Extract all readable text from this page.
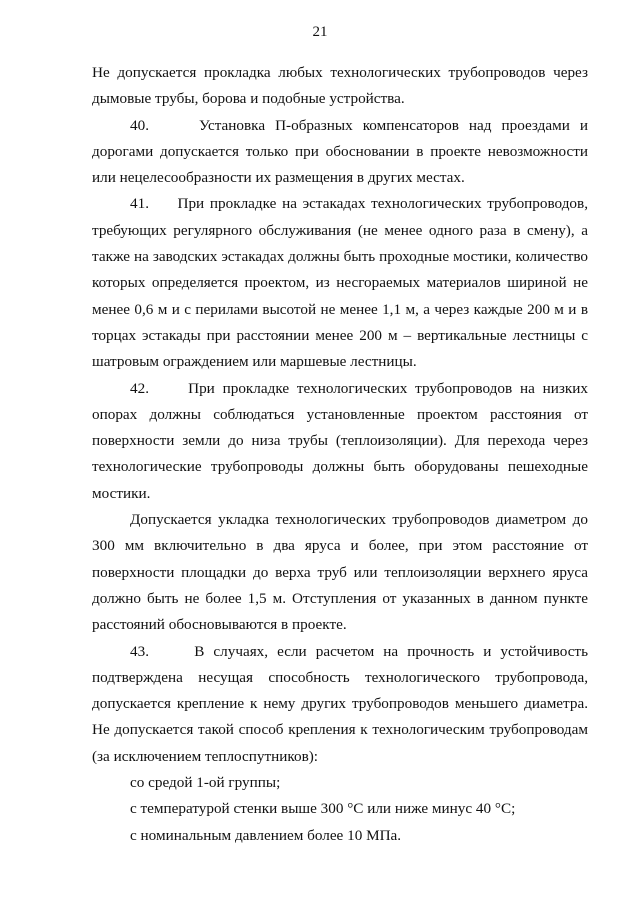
21

Не допускается прокладка любых технологических трубопроводов через дымовые трубы, борова и подобные устройства.

40.     Установка П-образных компенсаторов над проездами и дорогами допускается только при обосновании в проекте невозможности или нецелесообразности их размещения в других местах.

41.     При прокладке на эстакадах технологических трубопроводов, требующих регулярного обслуживания (не менее одного раза в смену), а также на заводских эстакадах должны быть проходные мостики, количество которых определяется проектом, из несгораемых материалов шириной не менее 0,6 м и с перилами высотой не менее 1,1 м, а через каждые 200 м и в торцах эстакады при расстоянии менее 200 м – вертикальные лестницы с шатровым ограждением или маршевые лестницы.

42.     При прокладке технологических трубопроводов на низких опорах должны соблюдаться установленные проектом расстояния от поверхности земли до низа трубы (теплоизоляции). Для перехода через технологические трубопроводы должны быть оборудованы пешеходные мостики.

Допускается укладка технологических трубопроводов диаметром до 300 мм включительно в два яруса и более, при этом расстояние от поверхности площадки до верха труб или теплоизоляции верхнего яруса должно быть не более 1,5 м. Отступления от указанных в данном пункте расстояний обосновываются в проекте.

43.     В случаях, если расчетом на прочность и устойчивость подтверждена несущая способность технологического трубопровода, допускается крепление к нему других трубопроводов меньшего диаметра. Не допускается такой способ крепления к технологическим трубопроводам (за исключением теплоспутников):

со средой 1-ой группы;

с температурой стенки выше 300 °С или ниже минус 40 °С;

с номинальным давлением более 10 МПа.
